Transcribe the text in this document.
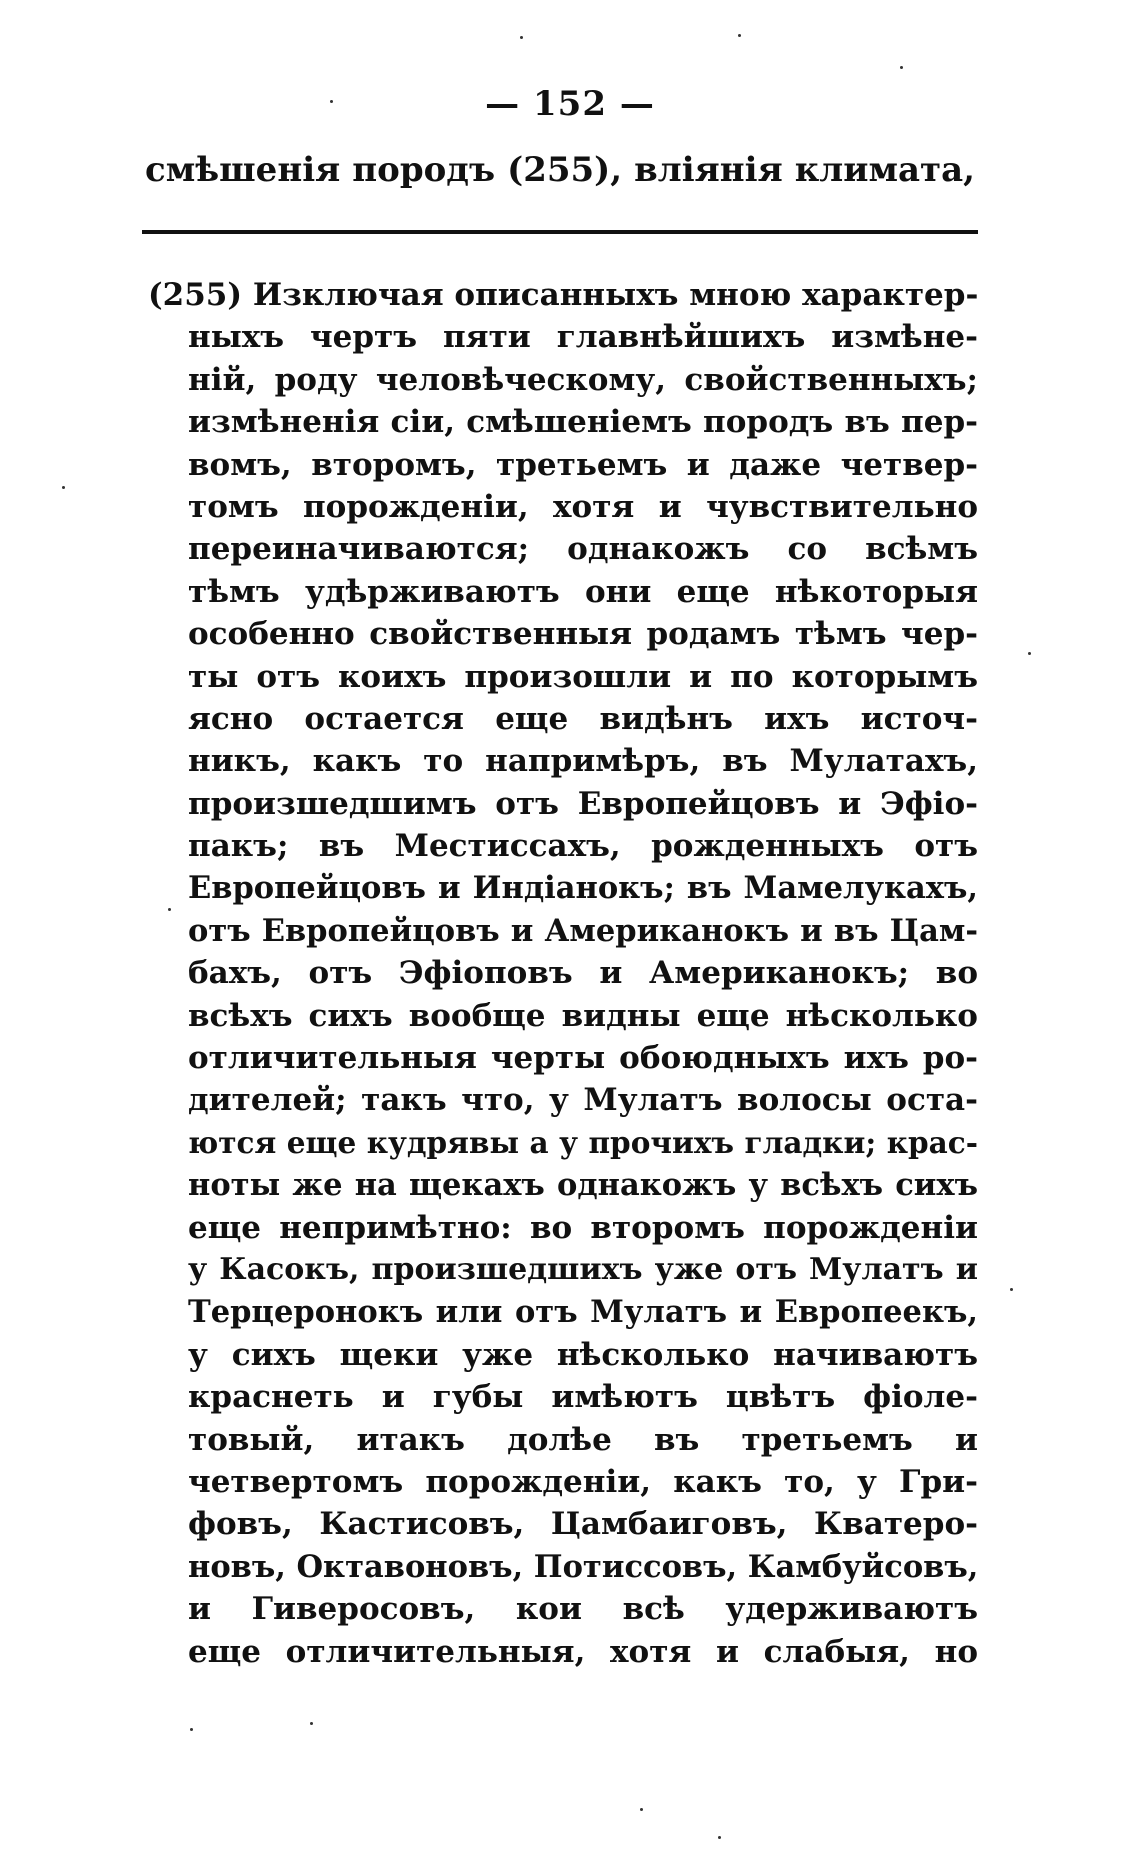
— 152 —
смѣшенія породъ (255), вліянія климата,
(255) Изключая описанныхъ мною характер-
ныхъ чертъ пяти главнѣйшихъ измѣне-
ній, роду человѣческому, свойственныхъ;
измѣненія сіи, смѣшеніемъ породъ въ пер-
вомъ, второмъ, третьемъ и даже четвер-
томъ порожденіи, хотя и чувствительно
переиначиваются; однакожъ со всѣмъ
тѣмъ удѣрживаютъ они еще нѣкоторыя
особенно свойственныя родамъ тѣмъ чер-
ты отъ коихъ произошли и по которымъ
ясно остается еще видѣнъ ихъ источ-
никъ, какъ то напримѣръ, въ Мулатахъ,
произшедшимъ отъ Европейцовъ и Эфіо-
пакъ; въ Местиссахъ, рожденныхъ отъ
Европейцовъ и Индіанокъ; въ Мамелукахъ,
отъ Европейцовъ и Американокъ и въ Цам-
бахъ, отъ Эфіоповъ и Американокъ; во
всѣхъ сихъ вообще видны еще нѣсколько
отличительныя черты обоюдныхъ ихъ ро-
дителей; такъ что, у Мулатъ волосы оста-
ются еще кудрявы а у прочихъ гладки; крас-
ноты же на щекахъ однакожъ у всѣхъ сихъ
еще непримѣтно: во второмъ порожденіи
у Касокъ, произшедшихъ уже отъ Мулатъ и
Терцеронокъ или отъ Мулатъ и Европеекъ,
у сихъ щеки уже нѣсколько начиваютъ
краснеть и губы имѣютъ цвѣтъ фіоле-
товый, итакъ долѣе въ третьемъ и
четвертомъ порожденіи, какъ то, у Гри-
фовъ, Кастисовъ, Цамбаиговъ, Кватеро-
новъ, Октавоновъ, Потиссовъ, Камбуйсовъ,
и Гиверосовъ, кои всѣ удерживаютъ
еще отличительныя, хотя и слабыя, но
